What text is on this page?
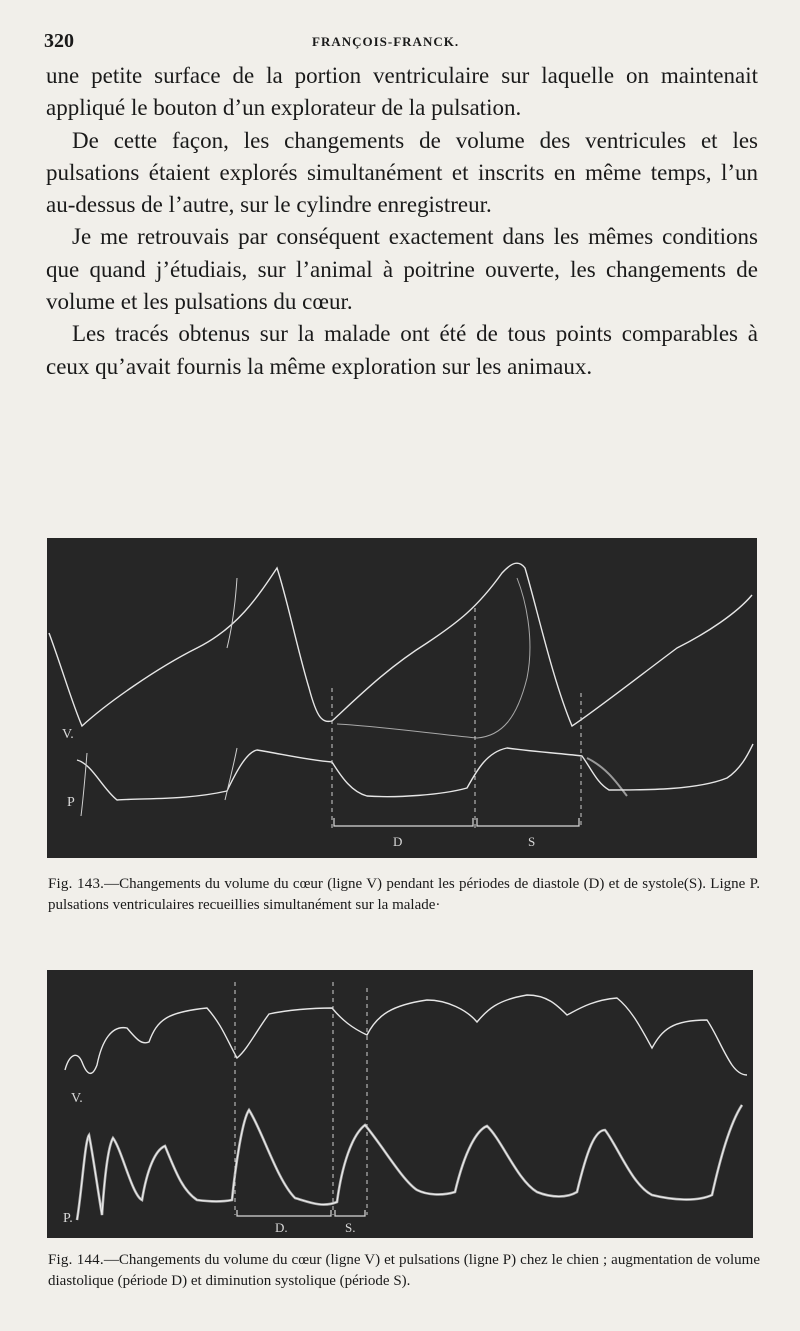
320	FRANÇOIS-FRANCK.

une petite surface de la portion ventriculaire sur laquelle on maintenait appliqué le bouton d’un explorateur de la pulsation.

De cette façon, les changements de volume des ventricules et les pulsations étaient explorés simultanément et inscrits en même temps, l’un au-dessus de l’autre, sur le cylindre enregistreur.

Je me retrouvais par conséquent exactement dans les mêmes conditions que quand j’étudiais, sur l’animal à poitrine ouverte, les changements de volume et les pulsations du cœur.

Les tracés obtenus sur la malade ont été de tous points comparables à ceux qu’avait fournis la même exploration sur les animaux.

V.
P
D	S
Fig. 143.—Changements du volume du cœur (ligne V) pendant les périodes de diastole (D) et de systole(S). Ligne P. pulsations ventriculaires recueillies simultanément sur la malade·
V.
P.
D.	S.
Fig. 144.—Changements du volume du cœur (ligne V) et pulsations (ligne P) chez le chien ; augmentation de volume diastolique (période D) et diminution systolique (période S).
